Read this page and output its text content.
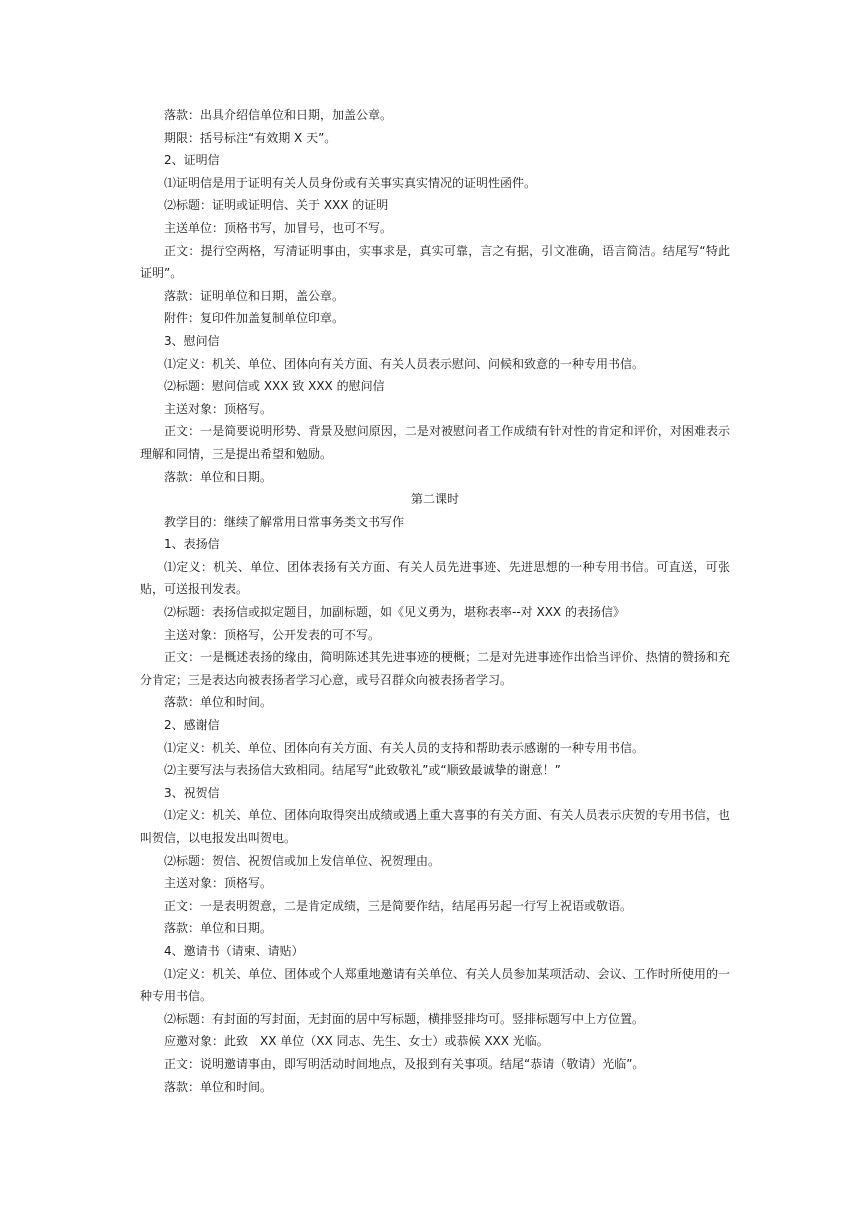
落款：出具介绍信单位和日期，加盖公章。

期限：括号标注“有效期 X 天”。

2、证明信

⑴证明信是用于证明有关人员身份或有关事实真实情况的证明性函件。

⑵标题：证明或证明信、关于 XXX 的证明

主送单位：顶格书写，加冒号，也可不写。

正文：提行空两格，写清证明事由，实事求是，真实可靠，言之有据，引文准确，语言简洁。结尾写“特此证明”。

落款：证明单位和日期，盖公章。

附件：复印件加盖复制单位印章。

3、慰问信

⑴定义：机关、单位、团体向有关方面、有关人员表示慰问、问候和致意的一种专用书信。

⑵标题：慰问信或 XXX 致 XXX 的慰问信

主送对象：顶格写。

正文：一是简要说明形势、背景及慰问原因，二是对被慰问者工作成绩有针对性的肯定和评价，对困难表示理解和同情，三是提出希望和勉励。

落款：单位和日期。

第二课时

教学目的：继续了解常用日常事务类文书写作

1、表扬信

⑴定义：机关、单位、团体表扬有关方面、有关人员先进事迹、先进思想的一种专用书信。可直送，可张贴，可送报刊发表。

⑵标题：表扬信或拟定题目，加副标题，如《见义勇为，堪称表率--对 XXX 的表扬信》

主送对象：顶格写，公开发表的可不写。

正文：一是概述表扬的缘由，简明陈述其先进事迹的梗概；二是对先进事迹作出恰当评价、热情的赞扬和充分肯定；三是表达向被表扬者学习心意，或号召群众向被表扬者学习。

落款：单位和时间。

2、感谢信

⑴定义：机关、单位、团体向有关方面、有关人员的支持和帮助表示感谢的一种专用书信。

⑵主要写法与表扬信大致相同。结尾写“此致敬礼”或“顺致最诚挚的谢意！”

3、祝贺信

⑴定义：机关、单位、团体向取得突出成绩或遇上重大喜事的有关方面、有关人员表示庆贺的专用书信，也叫贺信，以电报发出叫贺电。

⑵标题：贺信、祝贺信或加上发信单位、祝贺理由。

主送对象：顶格写。

正文：一是表明贺意，二是肯定成绩，三是简要作结，结尾再另起一行写上祝语或敬语。

落款：单位和日期。

4、邀请书（请柬、请贴）

⑴定义：机关、单位、团体或个人郑重地邀请有关单位、有关人员参加某项活动、会议、工作时所使用的一种专用书信。

⑵标题：有封面的写封面，无封面的居中写标题，横排竖排均可。竖排标题写中上方位置。

应邀对象：此致　XX 单位（XX 同志、先生、女士）或恭候 XXX 光临。

正文：说明邀请事由，即写明活动时间地点，及报到有关事项。结尾“恭请（敬请）光临”。

落款：单位和时间。
